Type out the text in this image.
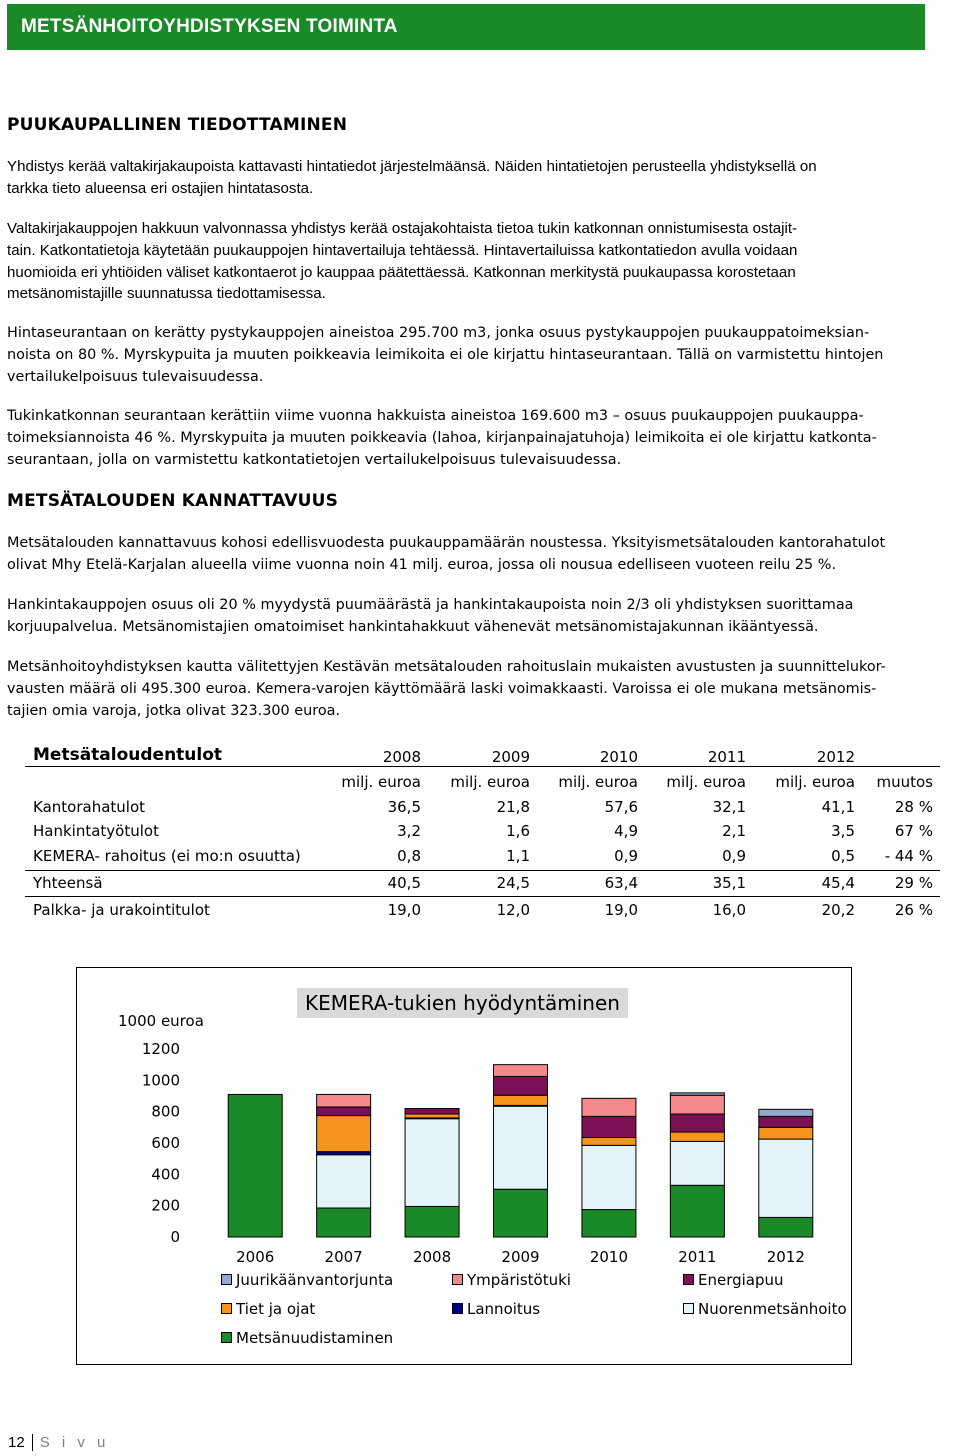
METSÄNHOITOYHDISTYKSEN TOIMINTA
PUUKAUPALLINEN TIEDOTTAMINEN
Yhdistys kerää valtakirjakaupoista kattavasti hintatiedot järjestelmäänsä. Näiden hintatietojen perusteella yhdistyksellä on
tarkka tieto alueensa eri ostajien hintatasosta.
Valtakirjakauppojen hakkuun valvonnassa yhdistys kerää ostajakohtaista tietoa tukin katkonnan onnistumisesta ostajit-
tain. Katkontatietoja käytetään puukauppojen hintavertailuja tehtäessä. Hintavertailuissa katkontatiedon avulla voidaan
huomioida eri yhtiöiden väliset katkontaerot jo kauppaa päätettäessä. Katkonnan merkitystä puukaupassa korostetaan
metsänomistajille suunnatussa tiedottamisessa.
Hintaseurantaan on kerätty pystykauppojen aineistoa 295.700 m3, jonka osuus pystykauppojen puukauppatoimeksian-
noista on 80 %. Myrskypuita ja muuten poikkeavia leimikoita ei ole kirjattu hintaseurantaan. Tällä on varmistettu hintojen
vertailukelpoisuus tulevaisuudessa.
Tukinkatkonnan seurantaan kerättiin viime vuonna hakkuista aineistoa 169.600 m3 – osuus puukauppojen puukauppa-
toimeksiannoista 46 %. Myrskypuita ja muuten poikkeavia (lahoa, kirjanpainajatuhoja) leimikoita ei ole kirjattu katkonta-
seurantaan, jolla on varmistettu katkontatietojen vertailukelpoisuus tulevaisuudessa.
METSÄTALOUDEN KANNATTAVUUS
Metsätalouden kannattavuus kohosi edellisvuodesta puukauppamäärän noustessa. Yksityismetsätalouden kantorahatulot
olivat Mhy Etelä-Karjalan alueella viime vuonna noin 41 milj. euroa, jossa oli nousua edelliseen vuoteen reilu 25 %.
Hankintakauppojen osuus oli 20 % myydystä puumäärästä ja hankintakaupoista noin 2/3 oli yhdistyksen suorittamaa
korjuupalvelua. Metsänomistajien omatoimiset hankintahakkuut vähenevät metsänomistajakunnan ikääntyessä.
Metsänhoitoyhdistyksen kautta välitettyjen Kestävän metsätalouden rahoituslain mukaisten avustusten ja suunnittelukor-
vausten määrä oli 495.300 euroa. Kemera-varojen käyttömäärä laski voimakkaasti. Varoissa ei ole mukana metsänomis-
tajien omia varoja, jotka olivat 323.300 euroa.
Metsätaloudentulot	2008	2009	2010	2011	2012
milj. euroa	milj. euroa	milj. euroa	milj. euroa	milj. euroa	muutos
Kantorahatulot	36,5	21,8	57,6	32,1	41,1	28 %
Hankintatyötulot	3,2	1,6	4,9	2,1	3,5	67 %
KEMERA- rahoitus (ei mo:n osuutta)	0,8	1,1	0,9	0,9	0,5	- 44 %
Yhteensä	40,5	24,5	63,4	35,1	45,4	29 %
Palkka- ja urakointitulot	19,0	12,0	19,0	16,0	20,2	26 %
KEMERA-tukien hyödyntäminen
1000 euroa
0
200
400
600
800
1000
1200
2006	2007	2008	2009	2010	2011	2012
Juurikäänvantorjunta	Ympäristötuki	Energiapuu
Tiet ja ojat	Lannoitus	Nuorenmetsänhoito
Metsänuudistaminen
12 S i v u
